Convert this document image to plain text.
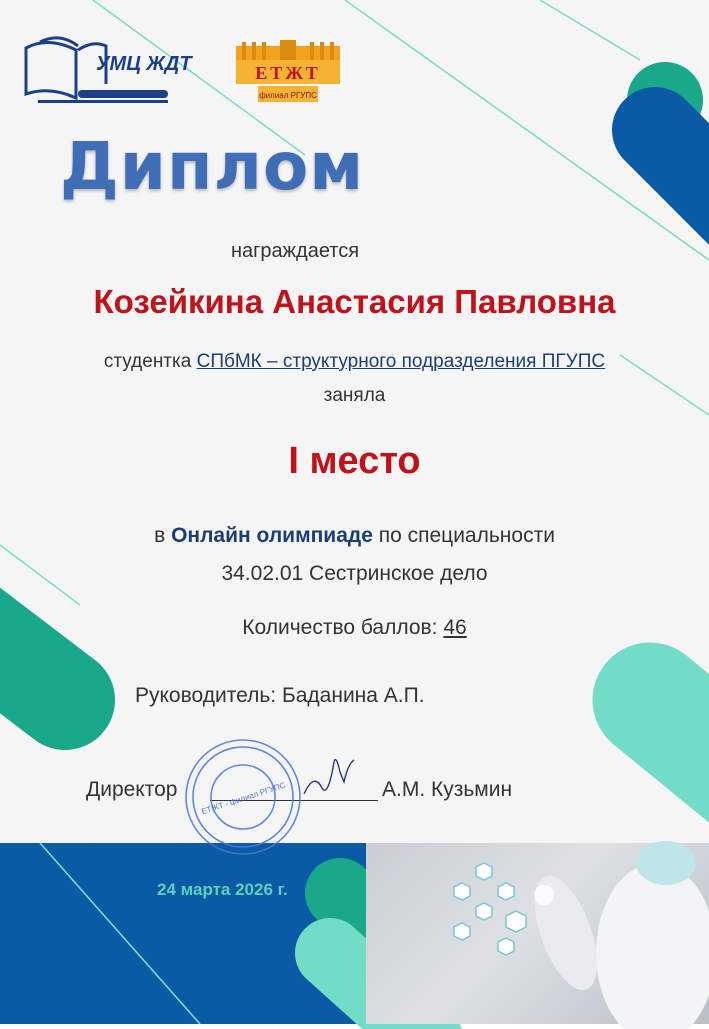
УМЦ ЖДТ	ЕТЖТ
филиал РГУПС
Диплом
награждается
Козейкина Анастасия Павловна
студентка СПбМК – структурного подразделения ПГУПС
заняла
I место
в Онлайн олимпиаде по специальности
34.02.01 Сестринское дело
Количество баллов: 46
Руководитель: Баданина А.П.
Директор	А.М. Кузьмин
ЕТЖТ - филиал РГУПС
24 марта 2026 г.
